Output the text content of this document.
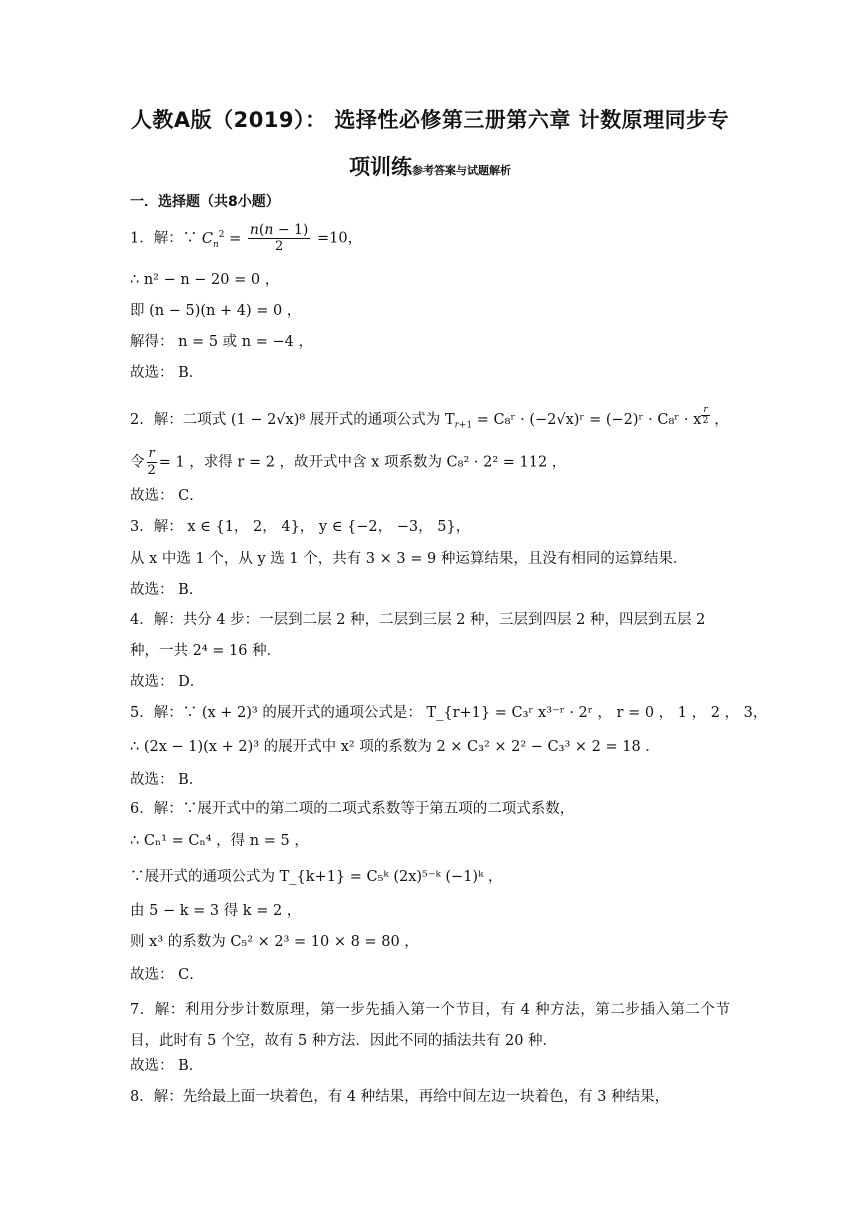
人教A版（2019）： 选择性必修第三册第六章 计数原理同步专
项训练参考答案与试题解析
一．选择题（共8小题）
1．解：∵ $C_n^2 = \frac{n(n - 1)}{2} =10$，
∴ n² − n − 20 = 0 ，
即 (n − 5)(n + 4) = 0 ，
解得： n = 5 或 n = −4 ，
故选： B．
2．解：二项式 (1 − 2√x)⁸ 展开式的通项公式为 $T_{r+1}$ = C₈ʳ · (−2√x)ʳ = (−2)ʳ · C₈ʳ · x $^{\frac{r}{2}}$ ，
令 $\frac{r}{2} = 1$ ，求得 r = 2 ，故开式中含 x 项系数为 C₈² · 2² = 112 ，
故选： C．
3．解： x ∈ {1， 2， 4}， y ∈ {−2， −3， 5}，
从 x 中选 1 个，从 y 选 1 个，共有 3 × 3 = 9 种运算结果，且没有相同的运算结果．
故选： B．
4．解：共分 4 步：一层到二层 2 种，二层到三层 2 种，三层到四层 2 种，四层到五层 2
种，一共 2⁴ = 16 种．
故选： D．
5．解：∵ (x + 2)³ 的展开式的通项公式是： T_{r+1} = C₃ʳ x³⁻ʳ · 2ʳ ， r = 0 ， 1 ， 2 ， 3，
∴ (2x − 1)(x + 2)³ 的展开式中 x² 项的系数为 2 × C₃² × 2² − C₃³ × 2 = 18 ．
故选： B．
6．解：∵展开式中的第二项的二项式系数等于第五项的二项式系数，
∴ Cₙ¹ = Cₙ⁴ ，得 n = 5 ，
∵展开式的通项公式为 T_{k+1} = C₅ᵏ (2x)⁵⁻ᵏ (−1)ᵏ ，
由 5 − k = 3 得 k = 2 ，
则 x³ 的系数为 C₅² × 2³ = 10 × 8 = 80 ，
故选： C．
7．解：利用分步计数原理，第一步先插入第一个节目，有 4 种方法，第二步插入第二个节目，此时有 5 个空，故有 5 种方法．因此不同的插法共有 20 种．
故选： B．
8．解：先给最上面一块着色，有 4 种结果，再给中间左边一块着色，有 3 种结果，
